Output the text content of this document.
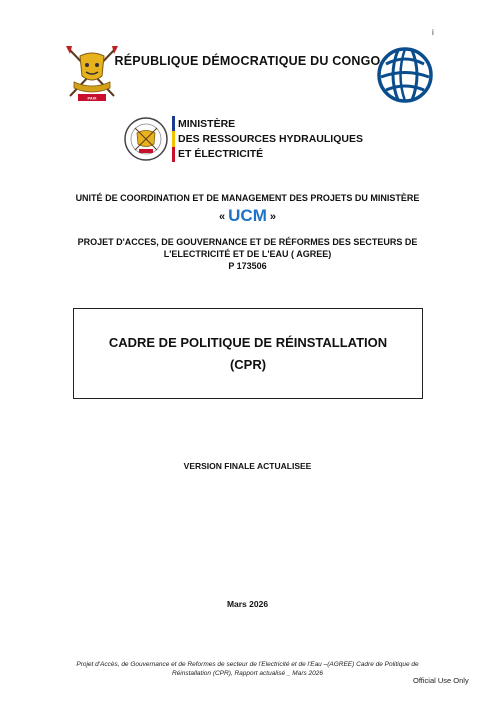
i
PAIX
RÉPUBLIQUE DÉMOCRATIQUE DU CONGO
MINISTÈRE
DES RESSOURCES HYDRAULIQUES
ET ÉLECTRICITÉ
UNITÉ DE COORDINATION ET DE MANAGEMENT DES PROJETS DU MINISTÈRE
« UCM »
PROJET D'ACCES, DE GOUVERNANCE ET DE RÉFORMES DES SECTEURS DE
L'ELECTRICITÉ ET DE L'EAU ( AGREE)
P 173506
CADRE DE POLITIQUE DE RÉINSTALLATION
(CPR)
VERSION FINALE ACTUALISEE
Mars 2026
Projet d'Accès, de Gouvernance et de Reformes de secteur de l'Electricité et de l'Eau –(AGREE) Cadre de Politique de
Réinstallation (CPR), Rapport actualisé _ Mars 2026
Official Use Only
